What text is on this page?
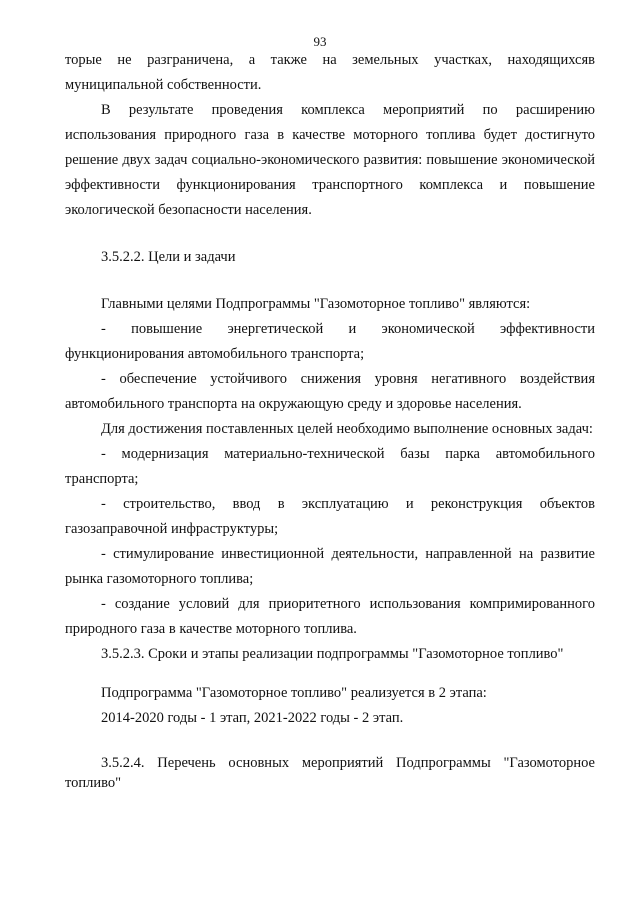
93

торые не разграничена, а также на земельных участках, находящихсяв муниципальной собственности.

В результате проведения комплекса мероприятий по расширению использования природного газа в качестве моторного топлива будет достигнуто решение двух задач социально-экономического развития: повышение экономической эффективности функционирования транспортного комплекса и повышение экологической безопасности населения.

3.5.2.2. Цели и задачи

Главными целями Подпрограммы "Газомоторное топливо" являются:

- повышение энергетической и экономической эффективности функционирования автомобильного транспорта;

- обеспечение устойчивого снижения уровня негативного воздействия автомобильного транспорта на окружающую среду и здоровье населения.

Для достижения поставленных целей необходимо выполнение основных задач:

- модернизация материально-технической базы парка автомобильного транспорта;

- строительство, ввод в эксплуатацию и реконструкция объектов газозаправочной инфраструктуры;

- стимулирование инвестиционной деятельности, направленной на развитие рынка газомоторного топлива;

- создание условий для приоритетного использования компримированного природного газа в качестве моторного топлива.

3.5.2.3. Сроки и этапы реализации подпрограммы "Газомоторное топливо"

Подпрограмма "Газомоторное топливо" реализуется в 2 этапа:

2014-2020 годы - 1 этап, 2021-2022 годы - 2 этап.

3.5.2.4. Перечень основных мероприятий Подпрограммы "Газомоторное топливо"
